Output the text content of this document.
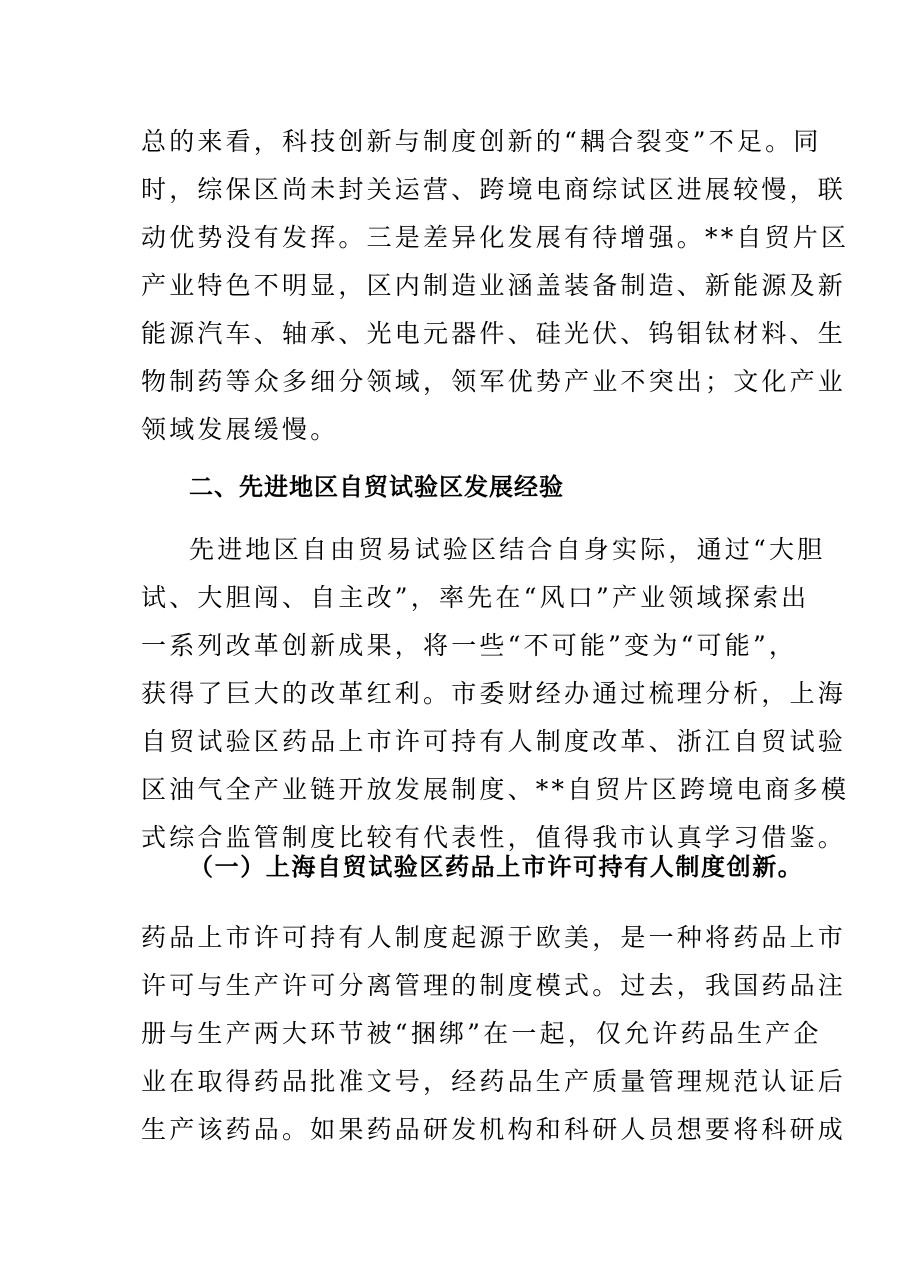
总的来看，科技创新与制度创新的“耦合裂变”不足。同
时，综保区尚未封关运营、跨境电商综试区进展较慢，联
动优势没有发挥。三是差异化发展有待增强。**自贸片区
产业特色不明显，区内制造业涵盖装备制造、新能源及新
能源汽车、轴承、光电元器件、硅光伏、钨钼钛材料、生
物制药等众多细分领域，领军优势产业不突出；文化产业
领域发展缓慢。
二、先进地区自贸试验区发展经验
先进地区自由贸易试验区结合自身实际，通过“大胆
试、大胆闯、自主改”，率先在“风口”产业领域探索出
一系列改革创新成果，将一些“不可能”变为“可能”，
获得了巨大的改革红利。市委财经办通过梳理分析，上海
自贸试验区药品上市许可持有人制度改革、浙江自贸试验
区油气全产业链开放发展制度、**自贸片区跨境电商多模
式综合监管制度比较有代表性，值得我市认真学习借鉴。
（一）上海自贸试验区药品上市许可持有人制度创新。
药品上市许可持有人制度起源于欧美，是一种将药品上市
许可与生产许可分离管理的制度模式。过去，我国药品注
册与生产两大环节被“捆绑”在一起，仅允许药品生产企
业在取得药品批准文号，经药品生产质量管理规范认证后
生产该药品。如果药品研发机构和科研人员想要将科研成
